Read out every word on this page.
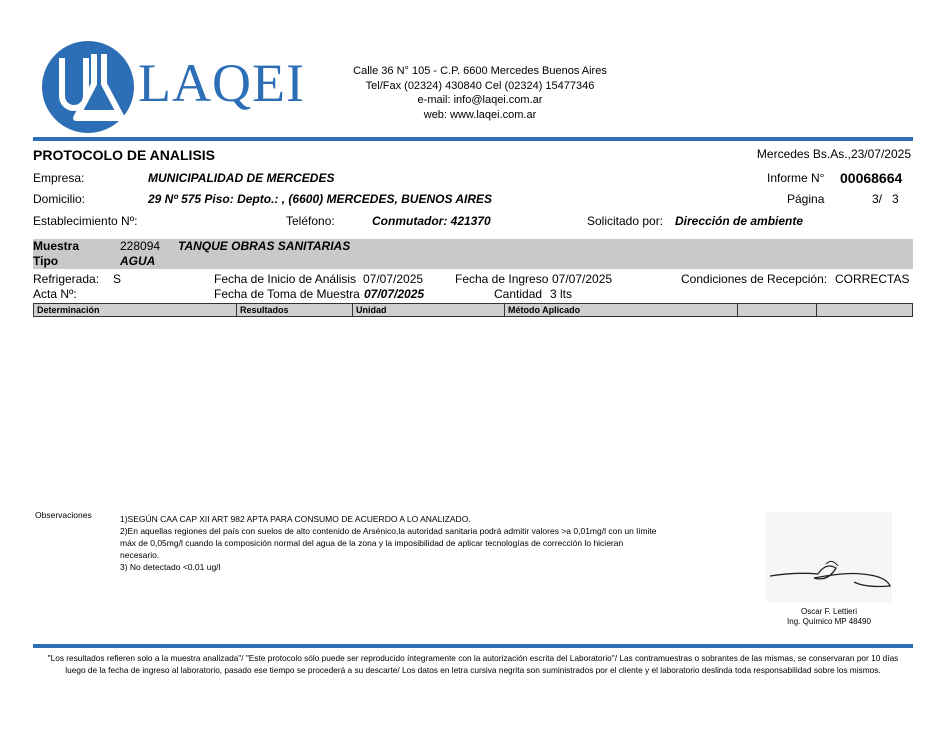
LAQEI	Calle 36 N° 105 - C.P. 6600 Mercedes Buenos Aires
Tel/Fax (02324) 430840 Cel (02324) 15477346
e-mail: info@laqei.com.ar
web: www.laqei.com.ar
PROTOCOLO DE ANALISIS	Mercedes Bs.As.,23/07/2025
Empresa:	MUNICIPALIDAD DE MERCEDES	Informe N° 00068664
Domicilio:	29 Nº 575 Piso: Depto.: , (6600) MERCEDES, BUENOS AIRES	Página	3/   3
Establecimiento Nº:	Teléfono:	Conmutador: 421370	Solicitado por: Dirección de ambiente
Muestra	228094 TANQUE OBRAS SANITARIAS
Tipo	AGUA
Refrigerada: S	Fecha de Inicio de Análisis 07/07/2025	Fecha de Ingreso 07/07/2025	Condiciones de Recepción: CORRECTAS
Acta Nº:	Fecha de Toma de Muestra 07/07/2025	Cantidad 3 lts
Determinación	Resultados	Unidad	Método Aplicado
Observaciones	1)SEGÚN CAA CAP XII ART 982 APTA PARA CONSUMO DE ACUERDO A LO ANALIZADO.
2)En aquellas regiones del país con suelos de alto contenido de Arsénico,la autoridad sanitaria podrá admitir valores >a 0,01mg/l con un límite
máx de 0,05mg/l cuando la composición normal del agua de la zona y la imposibilidad de aplicar tecnologías de corrección lo hicieran
necesario.
3) No detectado <0.01 ug/l
Oscar F. Lettieri
Ing. Químico MP 48490
"Los resultados refieren solo a la muestra analizada"/ "Este protocolo sólo puede ser reproducido íntegramente con la autorización escrita del Laboratorio"/ Las contramuestras o sobrantes de las mismas, se conservaran por 10 días
luego de la fecha de ingreso al laboratorio, pasado ese tiempo se procederá a su descarte/ Los datos en letra cursiva negrita son suministrados por el cliente y el laboratorio deslinda toda responsabilidad sobre los mismos.
